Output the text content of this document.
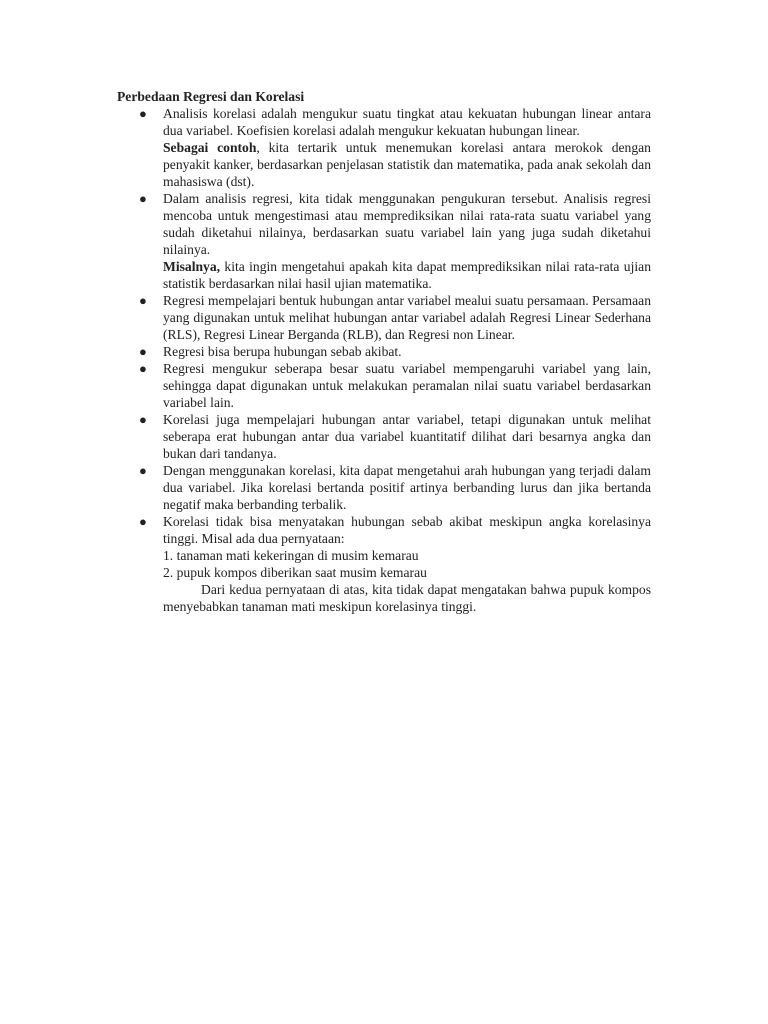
Perbedaan Regresi dan Korelasi
● Analisis korelasi adalah mengukur suatu tingkat atau kekuatan hubungan linear antara dua variabel. Koefisien korelasi adalah mengukur kekuatan hubungan linear.
Sebagai contoh, kita tertarik untuk menemukan korelasi antara merokok dengan penyakit kanker, berdasarkan penjelasan statistik dan matematika, pada anak sekolah dan mahasiswa (dst).
● Dalam analisis regresi, kita tidak menggunakan pengukuran tersebut. Analisis regresi mencoba untuk mengestimasi atau memprediksikan nilai rata-rata suatu variabel yang sudah diketahui nilainya, berdasarkan suatu variabel lain yang juga sudah diketahui nilainya.
Misalnya, kita ingin mengetahui apakah kita dapat memprediksikan nilai rata-rata ujian statistik berdasarkan nilai hasil ujian matematika.
● Regresi mempelajari bentuk hubungan antar variabel mealui suatu persamaan. Persamaan yang digunakan untuk melihat hubungan antar variabel adalah Regresi Linear Sederhana (RLS), Regresi Linear Berganda (RLB), dan Regresi non Linear.
● Regresi bisa berupa hubungan sebab akibat.
● Regresi mengukur seberapa besar suatu variabel mempengaruhi variabel yang lain, sehingga dapat digunakan untuk melakukan peramalan nilai suatu variabel berdasarkan variabel lain.
● Korelasi juga mempelajari hubungan antar variabel, tetapi digunakan untuk melihat seberapa erat hubungan antar dua variabel kuantitatif dilihat dari besarnya angka dan bukan dari tandanya.
● Dengan menggunakan korelasi, kita dapat mengetahui arah hubungan yang terjadi dalam dua variabel. Jika korelasi bertanda positif artinya berbanding lurus dan jika bertanda negatif maka berbanding terbalik.
● Korelasi tidak bisa menyatakan hubungan sebab akibat meskipun angka korelasinya tinggi. Misal ada dua pernyataan:
1. tanaman mati kekeringan di musim kemarau
2. pupuk kompos diberikan saat musim kemarau
Dari kedua pernyataan di atas, kita tidak dapat mengatakan bahwa pupuk kompos menyebabkan tanaman mati meskipun korelasinya tinggi.
